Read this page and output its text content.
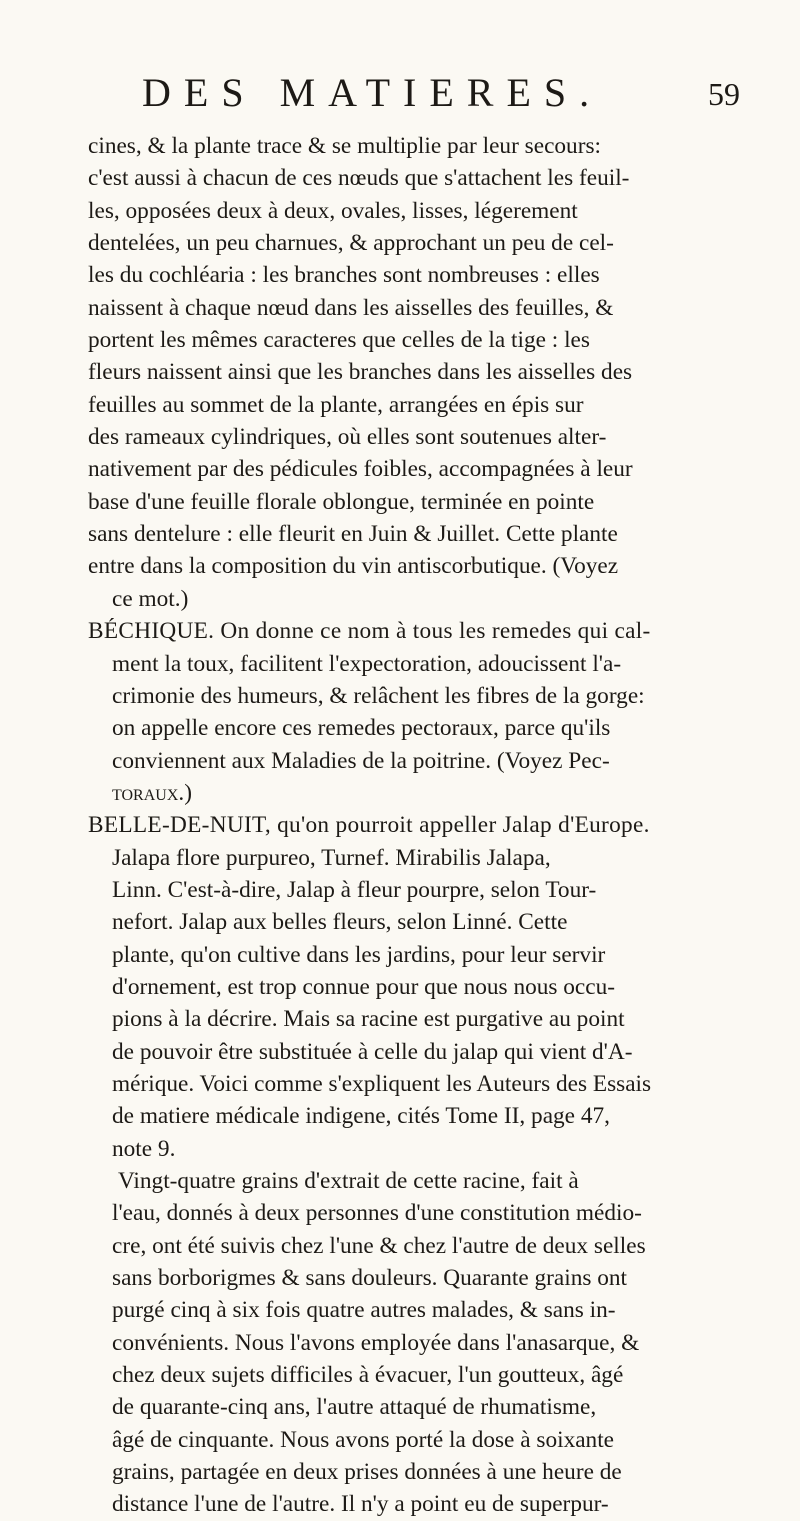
DES MATIERES.	59
cines, & la plante trace & se multiplie par leur secours:
c'est aussi à chacun de ces nœuds que s'attachent les feuil-
les, opposées deux à deux, ovales, lisses, légerement
dentelées, un peu charnues, & approchant un peu de cel-
les du cochléaria : les branches sont nombreuses : elles
naissent à chaque nœud dans les aisselles des feuilles, &
portent les mêmes caracteres que celles de la tige : les
fleurs naissent ainsi que les branches dans les aisselles des
feuilles au sommet de la plante, arrangées en épis sur
des rameaux cylindriques, où elles sont soutenues alter-
nativement par des pédicules foibles, accompagnées à leur
base d'une feuille florale oblongue, terminée en pointe
sans dentelure : elle fleurit en Juin & Juillet. Cette plante
entre dans la composition du vin antiscorbutique. (Voyez
ce mot.)
BÉCHIQUE. On donne ce nom à tous les remedes qui cal-
ment la toux, facilitent l'expectoration, adoucissent l'a-
crimonie des humeurs, & relâchent les fibres de la gorge:
on appelle encore ces remedes pectoraux, parce qu'ils
conviennent aux Maladies de la poitrine. (Voyez Pec-
toraux.)
BELLE-DE-NUIT, qu'on pourroit appeller Jalap d'Europe.
Jalapa flore purpureo, Turnef. Mirabilis Jalapa,
Linn. C'est-à-dire, Jalap à fleur pourpre, selon Tour-
nefort. Jalap aux belles fleurs, selon Linné. Cette
plante, qu'on cultive dans les jardins, pour leur servir
d'ornement, est trop connue pour que nous nous occu-
pions à la décrire. Mais sa racine est purgative au point
de pouvoir être substituée à celle du jalap qui vient d'A-
mérique. Voici comme s'expliquent les Auteurs des Essais
de matiere médicale indigene, cités Tome II, page 47,
note 9.
Vingt-quatre grains d'extrait de cette racine, fait à
l'eau, donnés à deux personnes d'une constitution médio-
cre, ont été suivis chez l'une & chez l'autre de deux selles
sans borborigmes & sans douleurs. Quarante grains ont
purgé cinq à six fois quatre autres malades, & sans in-
convénients. Nous l'avons employée dans l'anasarque, &
chez deux sujets difficiles à évacuer, l'un goutteux, âgé
de quarante-cinq ans, l'autre attaqué de rhumatisme,
âgé de cinquante. Nous avons porté la dose à soixante
grains, partagée en deux prises données à une heure de
distance l'une de l'autre. Il n'y a point eu de superpur-
